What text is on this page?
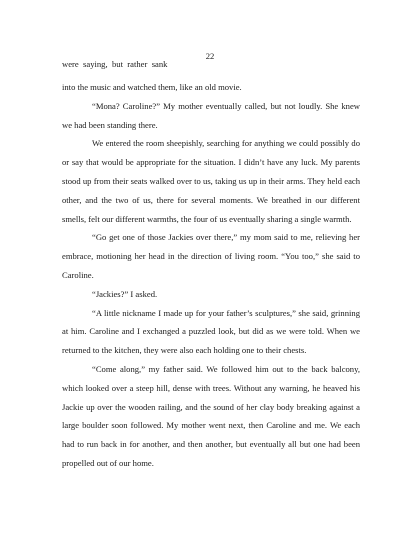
22
were saying, but rather sank

into the music and watched them, like an old movie.

“Mona? Caroline?” My mother eventually called, but not loudly. She knew we had been standing there.

We entered the room sheepishly, searching for anything we could possibly do or say that would be appropriate for the situation. I didn’t have any luck. My parents stood up from their seats walked over to us, taking us up in their arms. They held each other, and the two of us, there for several moments. We breathed in our different smells, felt our different warmths, the four of us eventually sharing a single warmth.

“Go get one of those Jackies over there,” my mom said to me, relieving her embrace, motioning her head in the direction of living room. “You too,” she said to Caroline.

“Jackies?” I asked.

“A little nickname I made up for your father’s sculptures,” she said, grinning at him. Caroline and I exchanged a puzzled look, but did as we were told. When we returned to the kitchen, they were also each holding one to their chests.

“Come along,” my father said. We followed him out to the back balcony, which looked over a steep hill, dense with trees. Without any warning, he heaved his Jackie up over the wooden railing, and the sound of her clay body breaking against a large boulder soon followed. My mother went next, then Caroline and me. We each had to run back in for another, and then another, but eventually all but one had been propelled out of our home.
